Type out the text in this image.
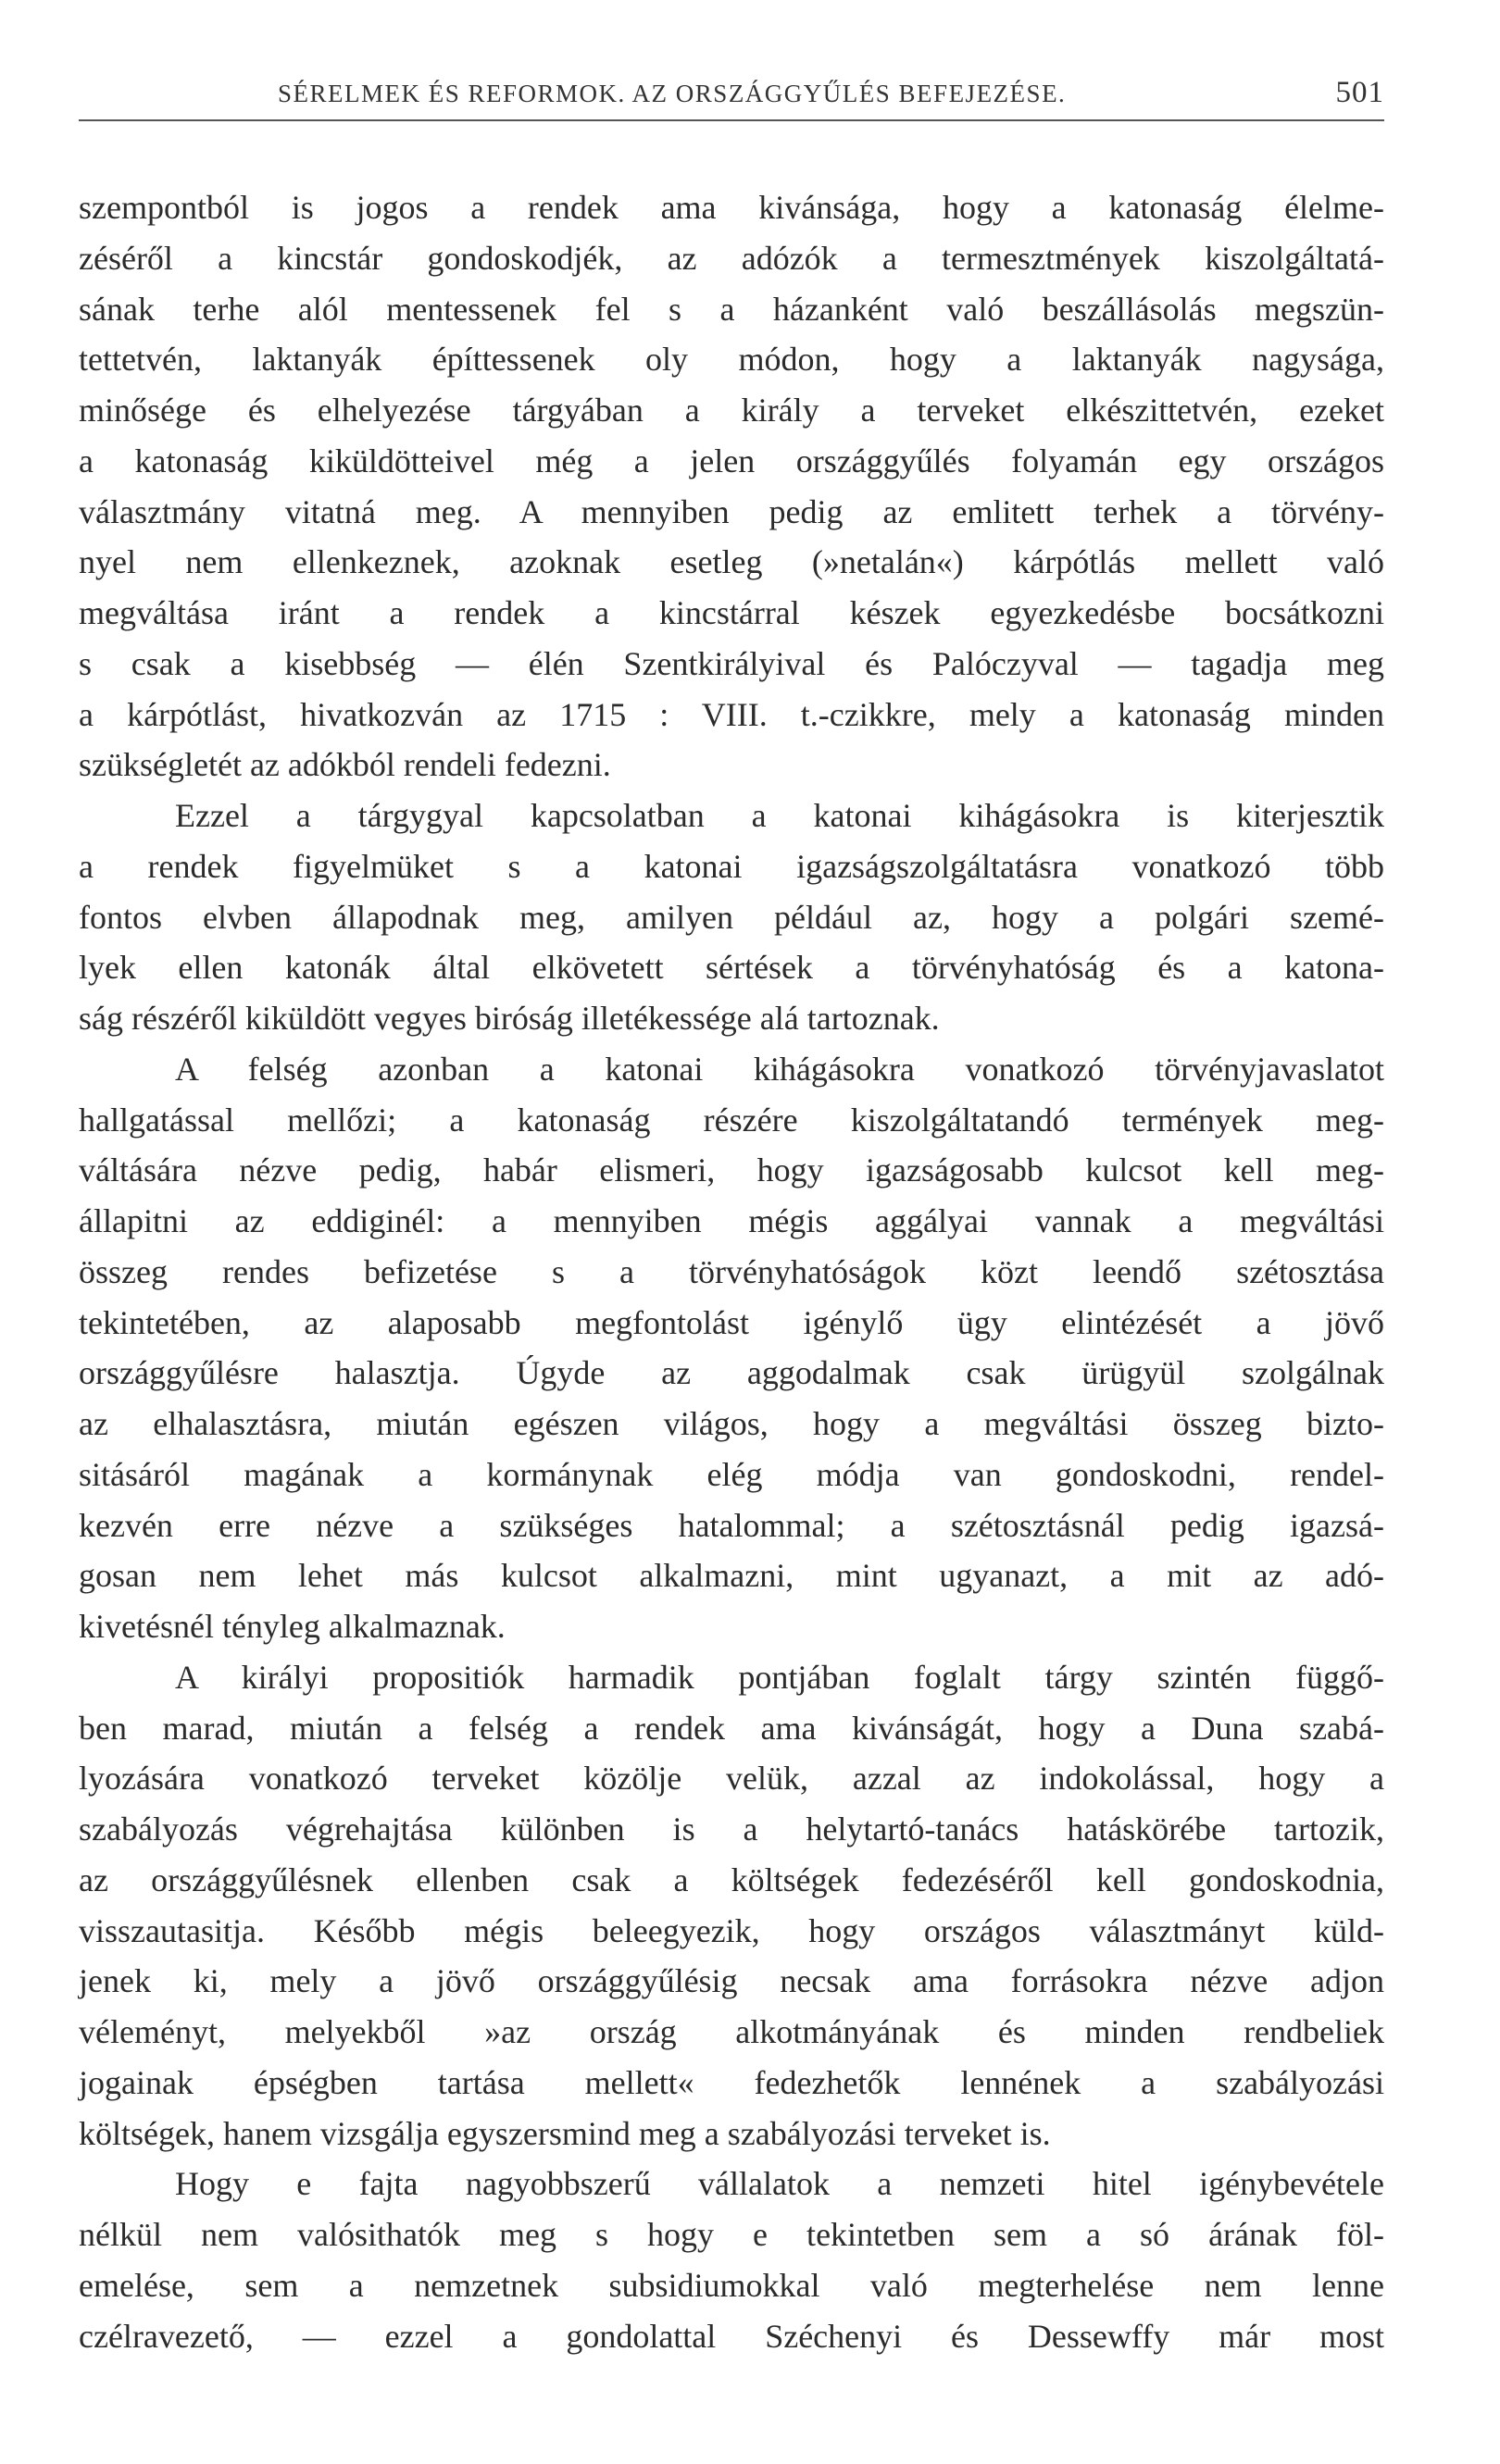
SÉRELMEK ÉS REFORMOK. AZ ORSZÁGGYŰLÉS BEFEJEZÉSE.	501
szempontból is jogos a rendek ama kivánsága, hogy a katonaság élelme-
zéséről a kincstár gondoskodjék, az adózók a termesztmények kiszolgáltatá-
sának terhe alól mentessenek fel s a házanként való beszállásolás megszün-
tettetvén, laktanyák építtessenek oly módon, hogy a laktanyák nagysága,
minősége és elhelyezése tárgyában a király a terveket elkészittetvén, ezeket
a katonaság kiküldötteivel még a jelen országgyűlés folyamán egy országos
választmány vitatná meg. A mennyiben pedig az emlitett terhek a törvény-
nyel nem ellenkeznek, azoknak esetleg (»netalán«) kárpótlás mellett való
megváltása iránt a rendek a kincstárral készek egyezkedésbe bocsátkozni
s csak a kisebbség — élén Szentkirályival és Palóczyval — tagadja meg
a kárpótlást, hivatkozván az 1715 : VIII. t.-czikkre, mely a katonaság minden
szükségletét az adókból rendeli fedezni.
Ezzel a tárgygyal kapcsolatban a katonai kihágásokra is kiterjesztik
a rendek figyelmüket s a katonai igazságszolgáltatásra vonatkozó több
fontos elvben állapodnak meg, amilyen például az, hogy a polgári szemé-
lyek ellen katonák által elkövetett sértések a törvényhatóság és a katona-
ság részéről kiküldött vegyes biróság illetékessége alá tartoznak.
A felség azonban a katonai kihágásokra vonatkozó törvényjavaslatot
hallgatással mellőzi; a katonaság részére kiszolgáltatandó termények meg-
váltására nézve pedig, habár elismeri, hogy igazságosabb kulcsot kell meg-
állapitni az eddiginél: a mennyiben mégis aggályai vannak a megváltási
összeg rendes befizetése s a törvényhatóságok közt leendő szétosztása
tekintetében, az alaposabb megfontolást igénylő ügy elintézését a jövő
országgyűlésre halasztja. Úgyde az aggodalmak csak ürügyül szolgálnak
az elhalasztásra, miután egészen világos, hogy a megváltási összeg bizto-
sitásáról magának a kormánynak elég módja van gondoskodni, rendel-
kezvén erre nézve a szükséges hatalommal; a szétosztásnál pedig igazsá-
gosan nem lehet más kulcsot alkalmazni, mint ugyanazt, a mit az adó-
kivetésnél tényleg alkalmaznak.
A királyi propositiók harmadik pontjában foglalt tárgy szintén függő-
ben marad, miután a felség a rendek ama kivánságát, hogy a Duna szabá-
lyozására vonatkozó terveket közölje velük, azzal az indokolással, hogy a
szabályozás végrehajtása különben is a helytartó-tanács hatáskörébe tartozik,
az országgyűlésnek ellenben csak a költségek fedezéséről kell gondoskodnia,
visszautasitja. Később mégis beleegyezik, hogy országos választmányt küld-
jenek ki, mely a jövő országgyűlésig necsak ama forrásokra nézve adjon
véleményt, melyekből »az ország alkotmányának és minden rendbeliek
jogainak épségben tartása mellett« fedezhetők lennének a szabályozási
költségek, hanem vizsgálja egyszersmind meg a szabályozási terveket is.
Hogy e fajta nagyobbszerű vállalatok a nemzeti hitel igénybevétele
nélkül nem valósithatók meg s hogy e tekintetben sem a só árának föl-
emelése, sem a nemzetnek subsidiumokkal való megterhelése nem lenne
czélravezető, — ezzel a gondolattal Széchenyi és Dessewffy már most
